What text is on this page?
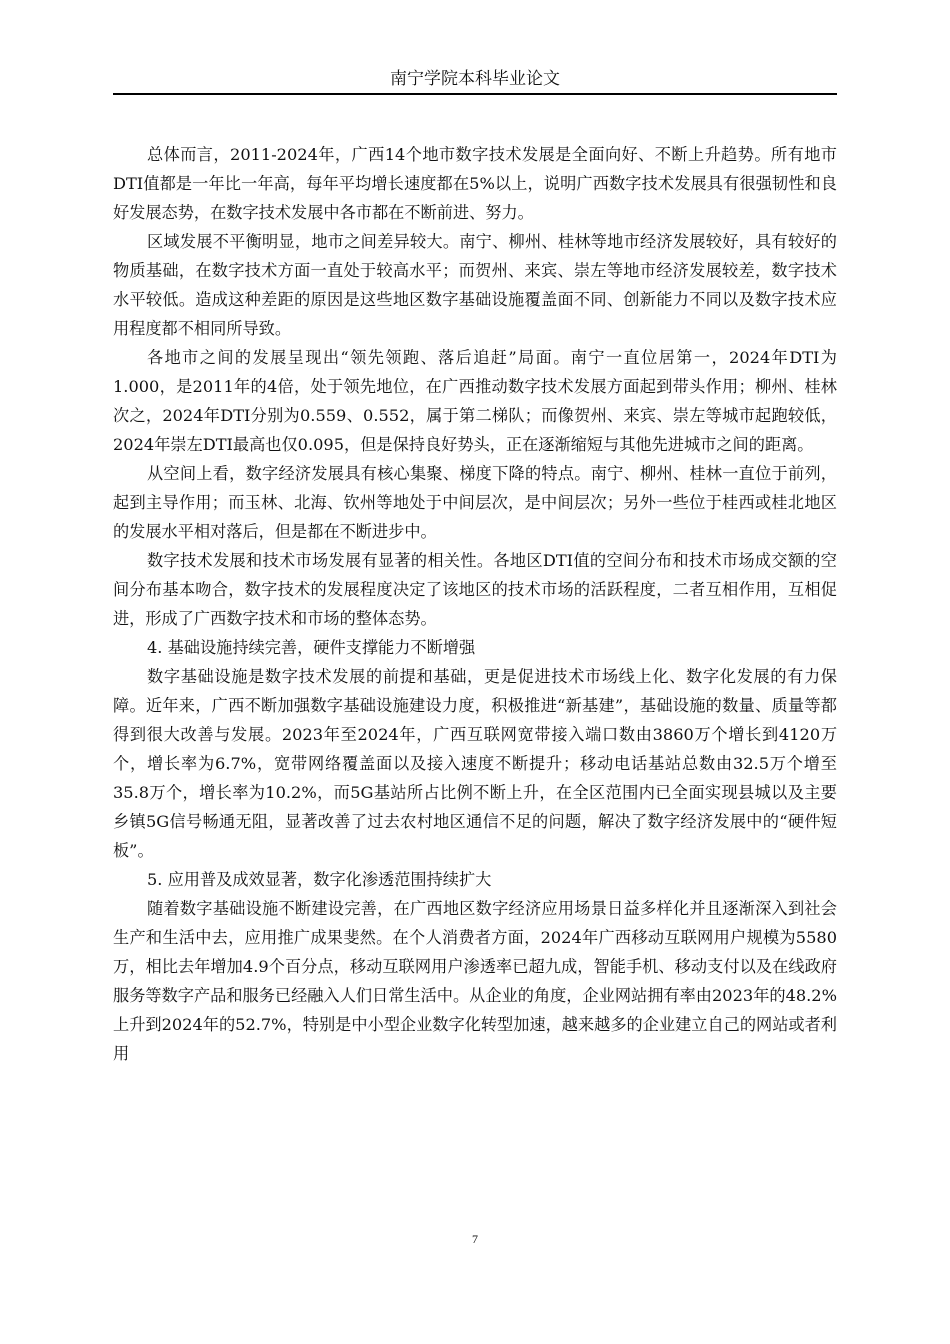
南宁学院本科毕业论文

总体而言，2011-2024年，广西14个地市数字技术发展是全面向好、不断上升趋势。所有地市DTI值都是一年比一年高，每年平均增长速度都在5%以上，说明广西数字技术发展具有很强韧性和良好发展态势，在数字技术发展中各市都在不断前进、努力。

区域发展不平衡明显，地市之间差异较大。南宁、柳州、桂林等地市经济发展较好，具有较好的物质基础，在数字技术方面一直处于较高水平；而贺州、来宾、崇左等地市经济发展较差，数字技术水平较低。造成这种差距的原因是这些地区数字基础设施覆盖面不同、创新能力不同以及数字技术应用程度都不相同所导致。

各地市之间的发展呈现出“领先领跑、落后追赶”局面。南宁一直位居第一，2024年DTI为1.000，是2011年的4倍，处于领先地位，在广西推动数字技术发展方面起到带头作用；柳州、桂林次之，2024年DTI分别为0.559、0.552，属于第二梯队；而像贺州、来宾、崇左等城市起跑较低，2024年崇左DTI最高也仅0.095，但是保持良好势头，正在逐渐缩短与其他先进城市之间的距离。

从空间上看，数字经济发展具有核心集聚、梯度下降的特点。南宁、柳州、桂林一直位于前列，起到主导作用；而玉林、北海、钦州等地处于中间层次，是中间层次；另外一些位于桂西或桂北地区的发展水平相对落后，但是都在不断进步中。

数字技术发展和技术市场发展有显著的相关性。各地区DTI值的空间分布和技术市场成交额的空间分布基本吻合，数字技术的发展程度决定了该地区的技术市场的活跃程度，二者互相作用，互相促进，形成了广西数字技术和市场的整体态势。

4. 基础设施持续完善，硬件支撑能力不断增强

数字基础设施是数字技术发展的前提和基础，更是促进技术市场线上化、数字化发展的有力保障。近年来，广西不断加强数字基础设施建设力度，积极推进“新基建”，基础设施的数量、质量等都得到很大改善与发展。2023年至2024年，广西互联网宽带接入端口数由3860万个增长到4120万个，增长率为6.7%，宽带网络覆盖面以及接入速度不断提升；移动电话基站总数由32.5万个增至35.8万个，增长率为10.2%，而5G基站所占比例不断上升，在全区范围内已全面实现县城以及主要乡镇5G信号畅通无阻，显著改善了过去农村地区通信不足的问题，解决了数字经济发展中的“硬件短板”。

5. 应用普及成效显著，数字化渗透范围持续扩大

随着数字基础设施不断建设完善，在广西地区数字经济应用场景日益多样化并且逐渐深入到社会生产和生活中去，应用推广成果斐然。在个人消费者方面，2024年广西移动互联网用户规模为5580万，相比去年增加4.9个百分点，移动互联网用户渗透率已超九成，智能手机、移动支付以及在线政府服务等数字产品和服务已经融入人们日常生活中。从企业的角度，企业网站拥有率由2023年的48.2%上升到2024年的52.7%，特别是中小型企业数字化转型加速，越来越多的企业建立自己的网站或者利用

7
